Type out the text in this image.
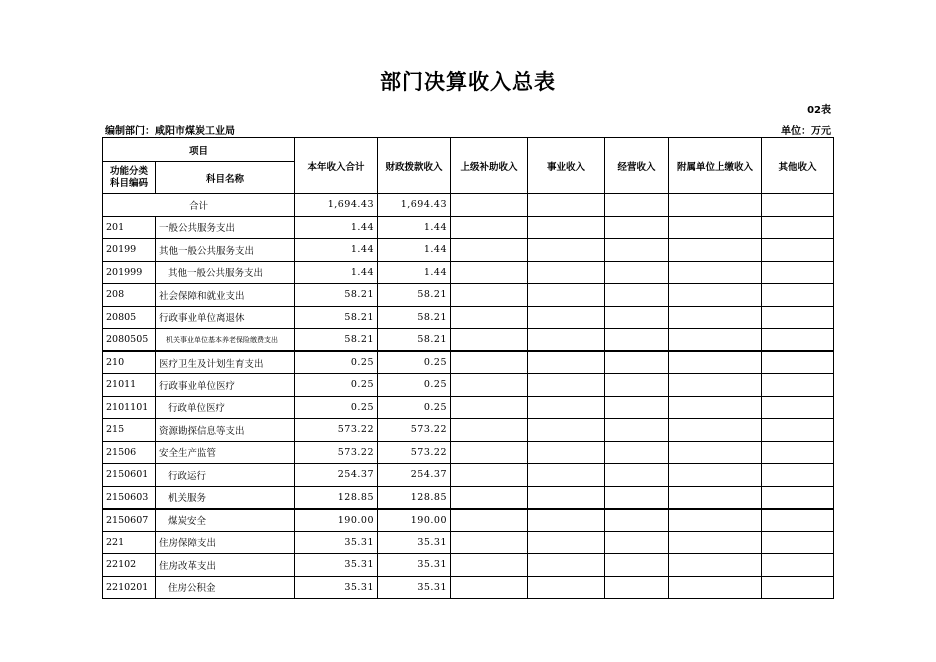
部门决算收入总表
02表
编制部门：咸阳市煤炭工业局	单位：万元
项目		本年收入合计	财政拨款收入	上级补助收入	事业收入	经营收入	附属单位上缴收入	其他收入
功能分类
科目编码	科目名称							
合计		1,694.43	1,694.43					
201	一般公共服务支出	1.44	1.44					
20199	其他一般公共服务支出	1.44	1.44					
201999	其他一般公共服务支出	1.44	1.44					
208	社会保障和就业支出	58.21	58.21					
20805	行政事业单位离退休	58.21	58.21					
2080505	机关事业单位基本养老保险缴费支出	58.21	58.21					
210	医疗卫生及计划生育支出	0.25	0.25					
21011	行政事业单位医疗	0.25	0.25					
2101101	行政单位医疗	0.25	0.25					
215	资源勘探信息等支出	573.22	573.22					
21506	安全生产监管	573.22	573.22					
2150601	行政运行	254.37	254.37					
2150603	机关服务	128.85	128.85					
2150607	煤炭安全	190.00	190.00					
221	住房保障支出	35.31	35.31					
22102	住房改革支出	35.31	35.31					
2210201	住房公积金	35.31	35.31					
